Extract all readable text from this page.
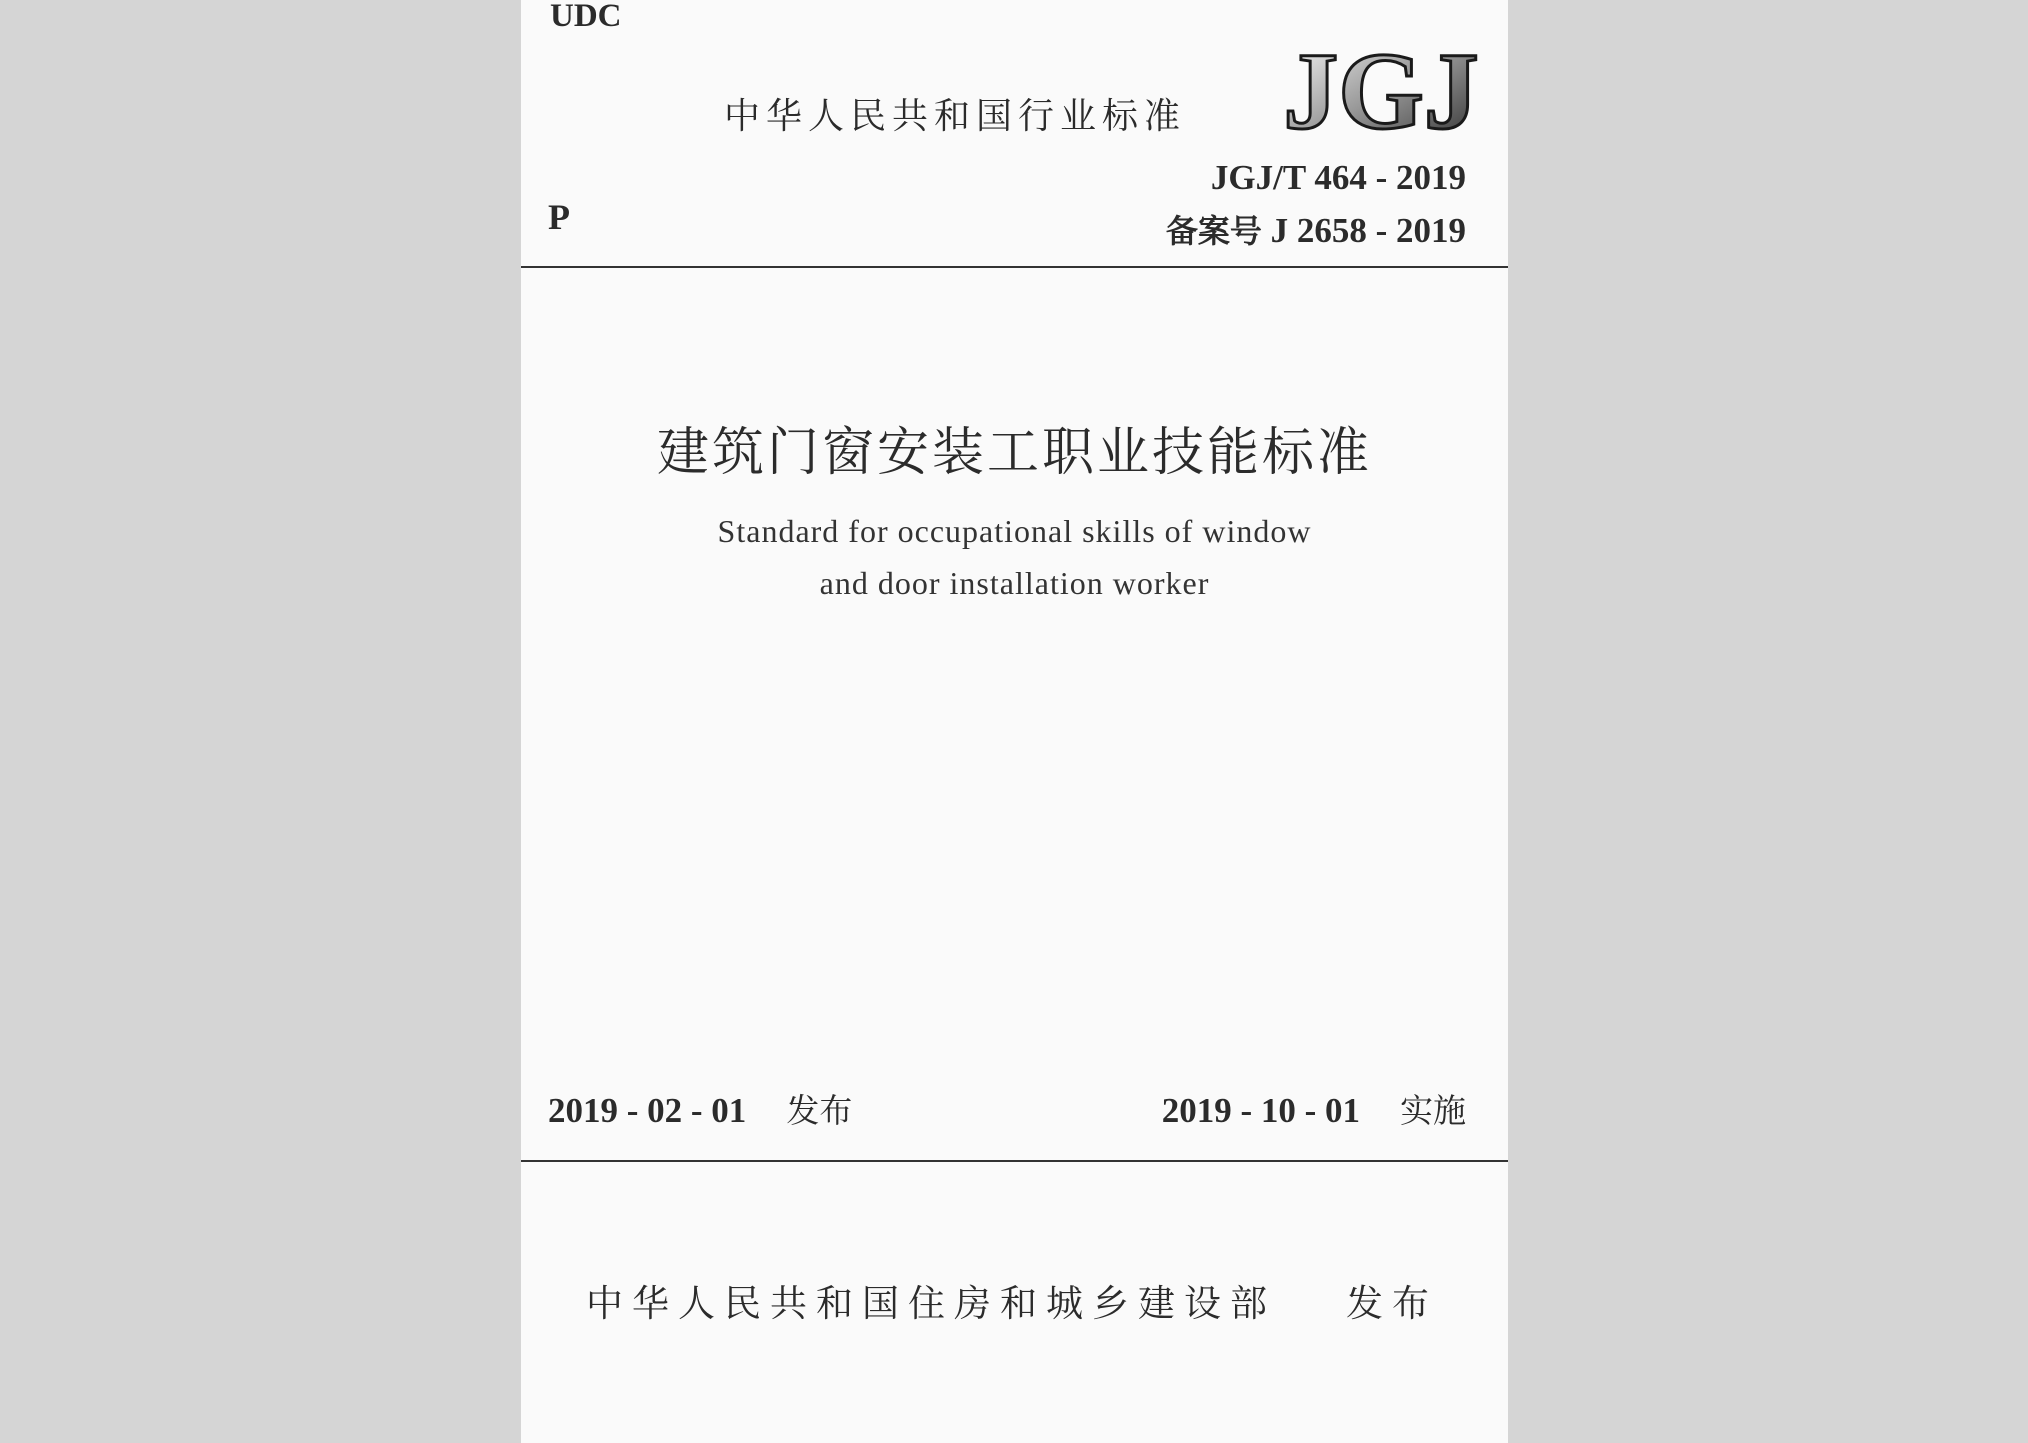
UDC
中华人民共和国行业标准 JGJ
P
JGJ/T 464 - 2019
备案号 J 2658 - 2019
建筑门窗安装工职业技能标准
Standard for occupational skills of window
and door installation worker
2019 - 02 - 01 发布	2019 - 10 - 01 实施
中华人民共和国住房和城乡建设部 发布
